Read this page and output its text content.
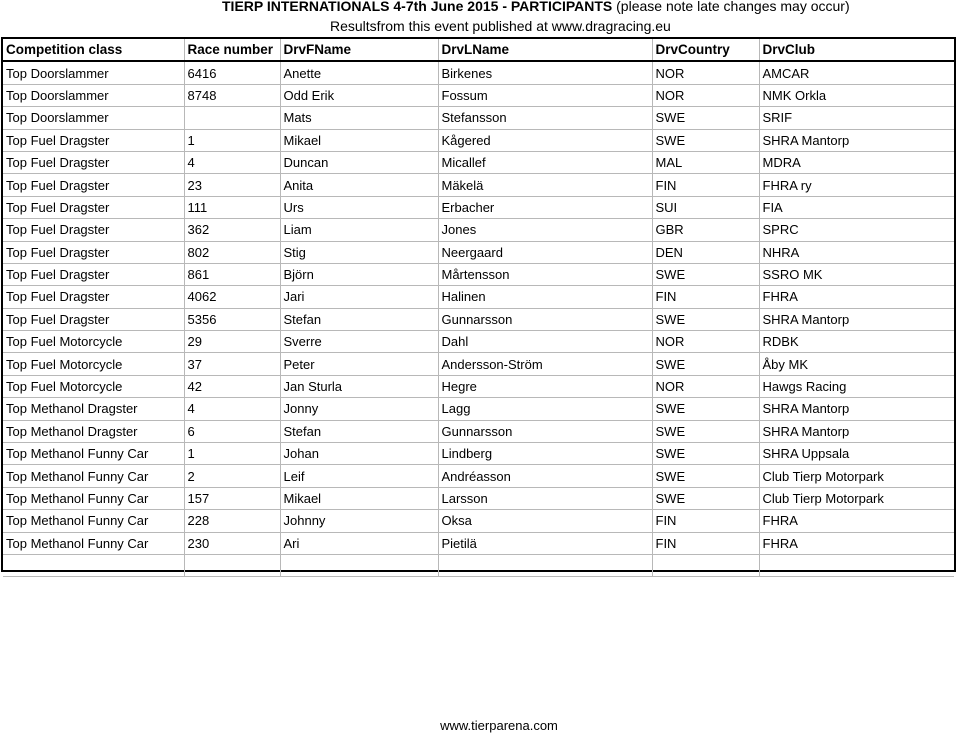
TIERP INTERNATIONALS 4-7th June 2015 - PARTICIPANTS (please note late changes may occur)
Resultsfrom this event published at www.dragracing.eu
Competition class	Race number	DrvFName	DrvLName	DrvCountry	DrvClub
Top Doorslammer	6416	Anette	Birkenes	NOR	AMCAR
Top Doorslammer	8748	Odd Erik	Fossum	NOR	NMK Orkla
Top Doorslammer		Mats	Stefansson	SWE	SRIF
Top Fuel Dragster	1	Mikael	Kågered	SWE	SHRA Mantorp
Top Fuel Dragster	4	Duncan	Micallef	MAL	MDRA
Top Fuel Dragster	23	Anita	Mäkelä	FIN	FHRA ry
Top Fuel Dragster	111	Urs	Erbacher	SUI	FIA
Top Fuel Dragster	362	Liam	Jones	GBR	SPRC
Top Fuel Dragster	802	Stig	Neergaard	DEN	NHRA
Top Fuel Dragster	861	Björn	Mårtensson	SWE	SSRO MK
Top Fuel Dragster	4062	Jari	Halinen	FIN	FHRA
Top Fuel Dragster	5356	Stefan	Gunnarsson	SWE	SHRA Mantorp
Top Fuel Motorcycle	29	Sverre	Dahl	NOR	RDBK
Top Fuel Motorcycle	37	Peter	Andersson-Ström	SWE	Åby MK
Top Fuel Motorcycle	42	Jan Sturla	Hegre	NOR	Hawgs Racing
Top Methanol Dragster	4	Jonny	Lagg	SWE	SHRA Mantorp
Top Methanol Dragster	6	Stefan	Gunnarsson	SWE	SHRA Mantorp
Top Methanol Funny Car	1	Johan	Lindberg	SWE	SHRA Uppsala
Top Methanol Funny Car	2	Leif	Andréasson	SWE	Club Tierp Motorpark
Top Methanol Funny Car	157	Mikael	Larsson	SWE	Club Tierp Motorpark
Top Methanol Funny Car	228	Johnny	Oksa	FIN	FHRA
Top Methanol Funny Car	230	Ari	Pietilä	FIN	FHRA

www.tierparena.com
